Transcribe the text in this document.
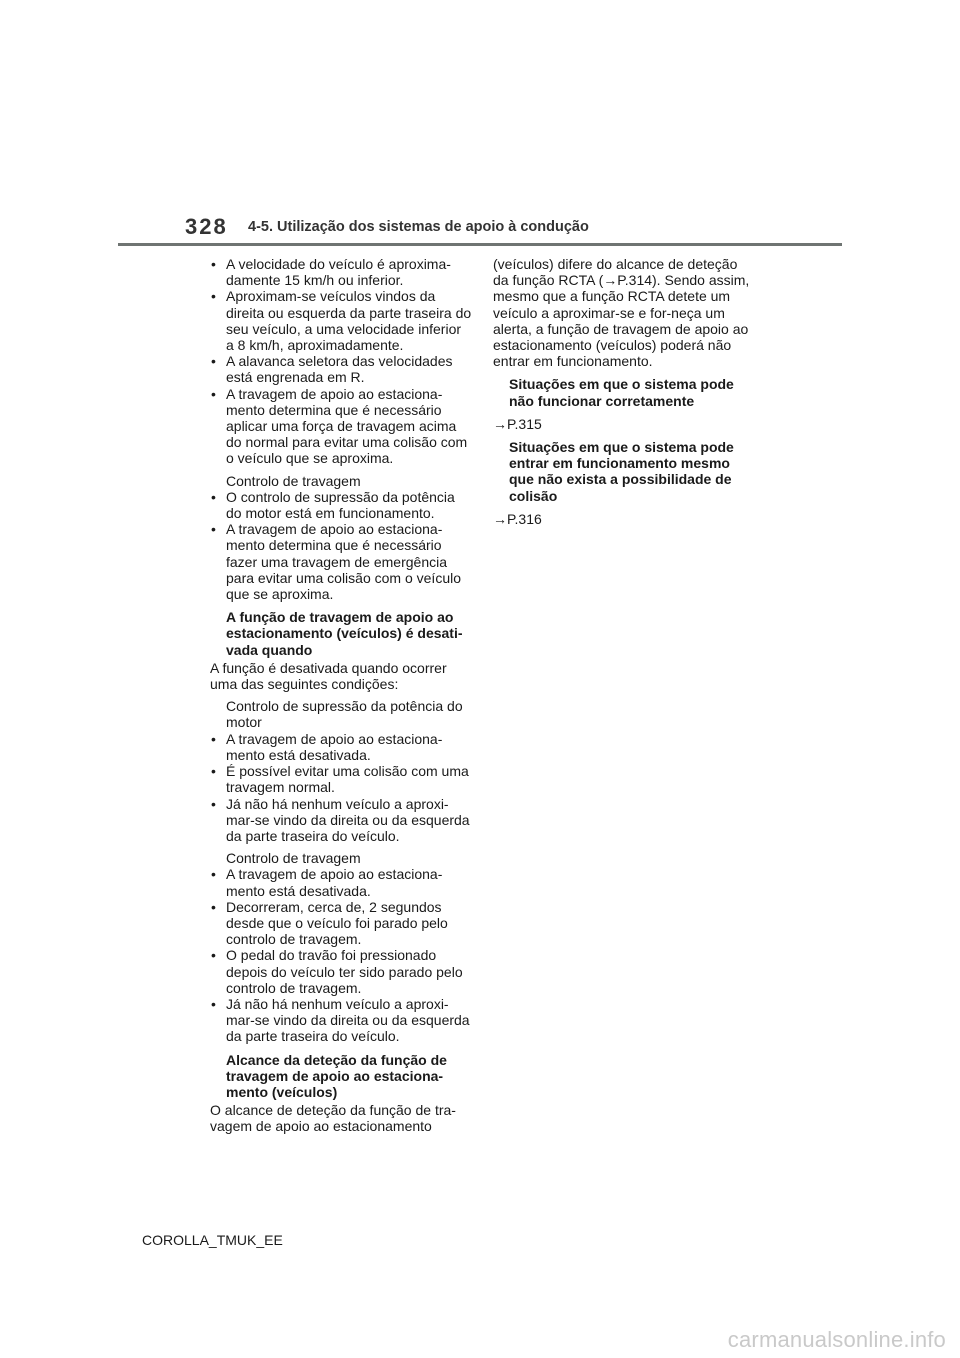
328 4-5. Utilização dos sistemas de apoio à condução
• A velocidade do veículo é aproxima-damente 15 km/h ou inferior.
• Aproximam-se veículos vindos da direita ou esquerda da parte traseira do seu veículo, a uma velocidade inferior a 8 km/h, aproximadamente.
• A alavanca seletora das velocidades está engrenada em R.
• A travagem de apoio ao estaciona-mento determina que é necessário aplicar uma força de travagem acima do normal para evitar uma colisão com o veículo que se aproxima.
Controlo de travagem
• O controlo de supressão da potência do motor está em funcionamento.
• A travagem de apoio ao estaciona-mento determina que é necessário fazer uma travagem de emergência para evitar uma colisão com o veículo que se aproxima.
A função de travagem de apoio ao estacionamento (veículos) é desati-vada quando
A função é desativada quando ocorrer uma das seguintes condições:
Controlo de supressão da potência do motor
• A travagem de apoio ao estaciona-mento está desativada.
• É possível evitar uma colisão com uma travagem normal.
• Já não há nenhum veículo a aproxi-mar-se vindo da direita ou da esquerda da parte traseira do veículo.
Controlo de travagem
• A travagem de apoio ao estaciona-mento está desativada.
• Decorreram, cerca de, 2 segundos desde que o veículo foi parado pelo controlo de travagem.
• O pedal do travão foi pressionado depois do veículo ter sido parado pelo controlo de travagem.
• Já não há nenhum veículo a aproxi-mar-se vindo da direita ou da esquerda da parte traseira do veículo.
Alcance da deteção da função de travagem de apoio ao estaciona-mento (veículos)
O alcance de deteção da função de tra-vagem de apoio ao estacionamento
(veículos) difere do alcance de deteção da função RCTA (→P.314). Sendo assim, mesmo que a função RCTA detete um veículo a aproximar-se e for-neça um alerta, a função de travagem de apoio ao estacionamento (veículos) poderá não entrar em funcionamento.
Situações em que o sistema pode não funcionar corretamente
→P.315
Situações em que o sistema pode entrar em funcionamento mesmo que não exista a possibilidade de colisão
→P.316
COROLLA_TMUK_EE
carmanualsonline.info
